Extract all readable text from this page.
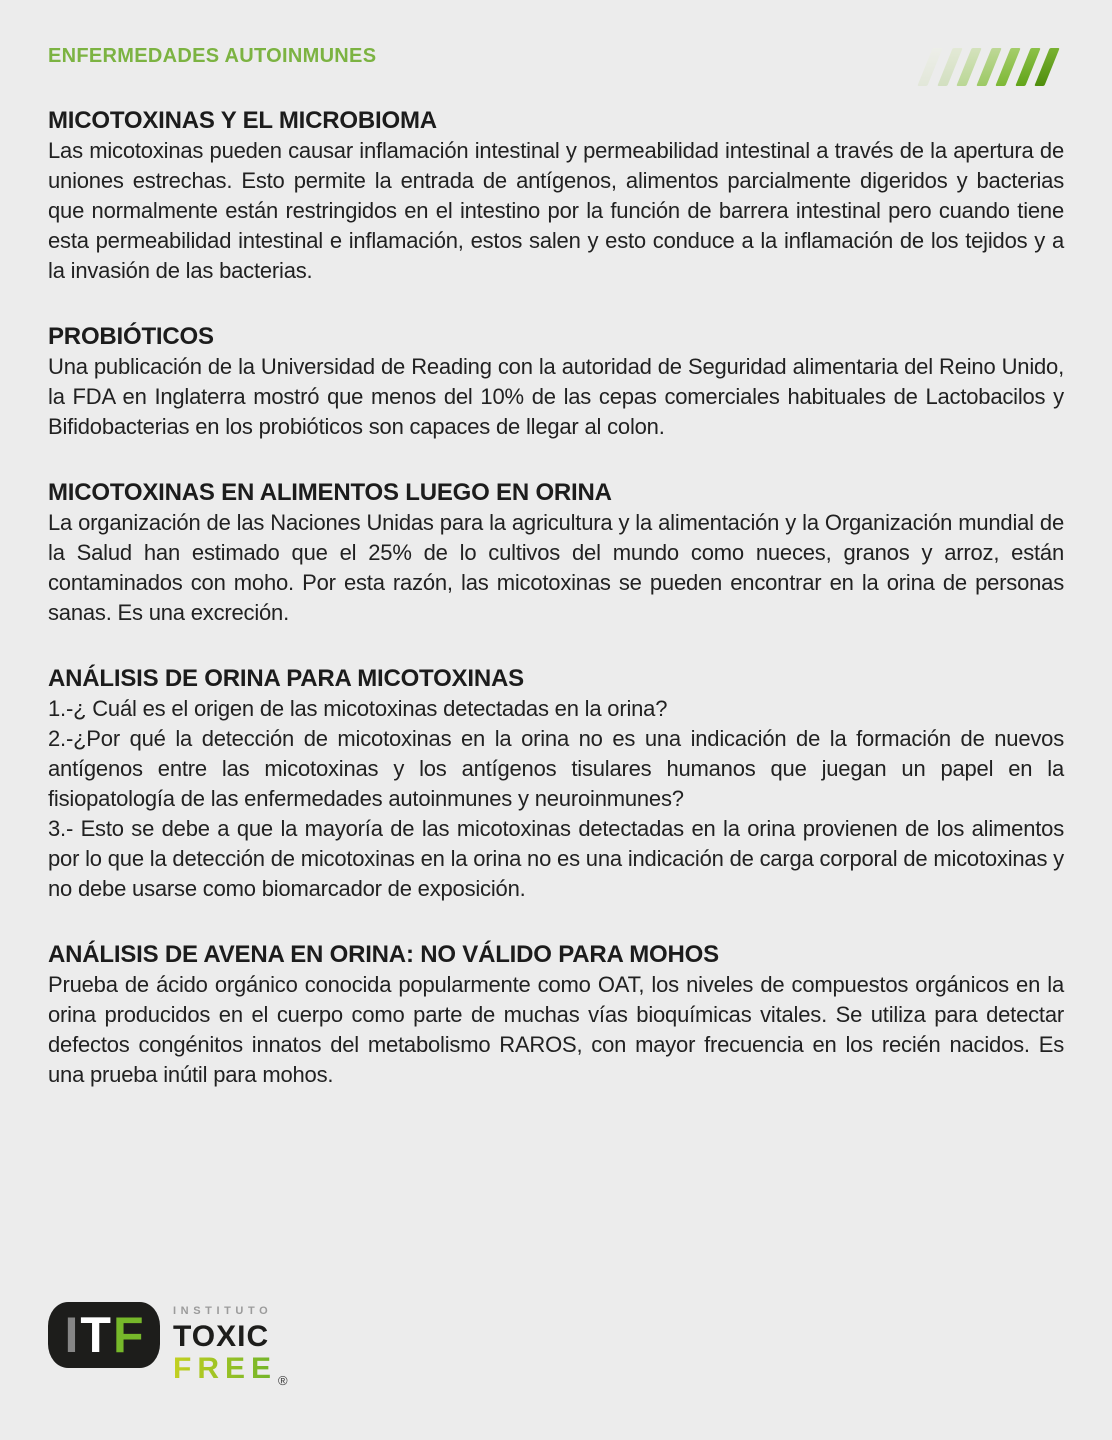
ENFERMEDADES AUTOINMUNES
MICOTOXINAS Y EL MICROBIOMA

Las micotoxinas pueden causar inflamación intestinal y permeabilidad intestinal a través de la apertura de uniones estrechas. Esto permite la entrada de antígenos, alimentos parcialmente digeridos y bacterias que normalmente están restringidos en el intestino por la función de barrera intestinal pero cuando tiene esta permeabilidad intestinal e inflamación, estos salen y esto conduce a la inflamación de los tejidos y a la invasión de las bacterias.

PROBIÓTICOS

Una publicación de la Universidad de Reading con la autoridad de Seguridad alimentaria del Reino Unido, la FDA en Inglaterra mostró que menos del 10% de las cepas comerciales habituales de Lactobacilos y Bifidobacterias en los probióticos son capaces de llegar al colon.

MICOTOXINAS EN ALIMENTOS LUEGO EN ORINA

La organización de las Naciones Unidas para la agricultura y la alimentación y la Organización mundial de la Salud han estimado que el 25% de lo cultivos del mundo como nueces, granos y arroz, están contaminados con moho. Por esta razón, las micotoxinas se pueden encontrar en la orina de personas sanas. Es una excreción.

ANÁLISIS DE ORINA PARA MICOTOXINAS

1.-¿ Cuál es el origen de las micotoxinas detectadas en la orina?

2.-¿Por qué la detección de micotoxinas en la orina no es una indicación de la formación de nuevos antígenos entre las micotoxinas y los antígenos tisulares humanos que juegan un papel en la fisiopatología de las enfermedades autoinmunes y neuroinmunes?

3.- Esto se debe a que la mayoría de las micotoxinas detectadas en la orina provienen de los alimentos por lo que la detección de micotoxinas en la orina no es una indicación de carga corporal de micotoxinas y no debe usarse como biomarcador de exposición.

ANÁLISIS DE AVENA EN ORINA: NO VÁLIDO PARA MOHOS

Prueba de ácido orgánico conocida popularmente como OAT, los niveles de compuestos orgánicos en la orina producidos en el cuerpo como parte de muchas vías bioquímicas vitales. Se utiliza para detectar defectos congénitos innatos del metabolismo RAROS, con mayor frecuencia en los recién nacidos. Es una prueba inútil para mohos.

I T F	INSTITUTO
TOXIC
FREE ®
